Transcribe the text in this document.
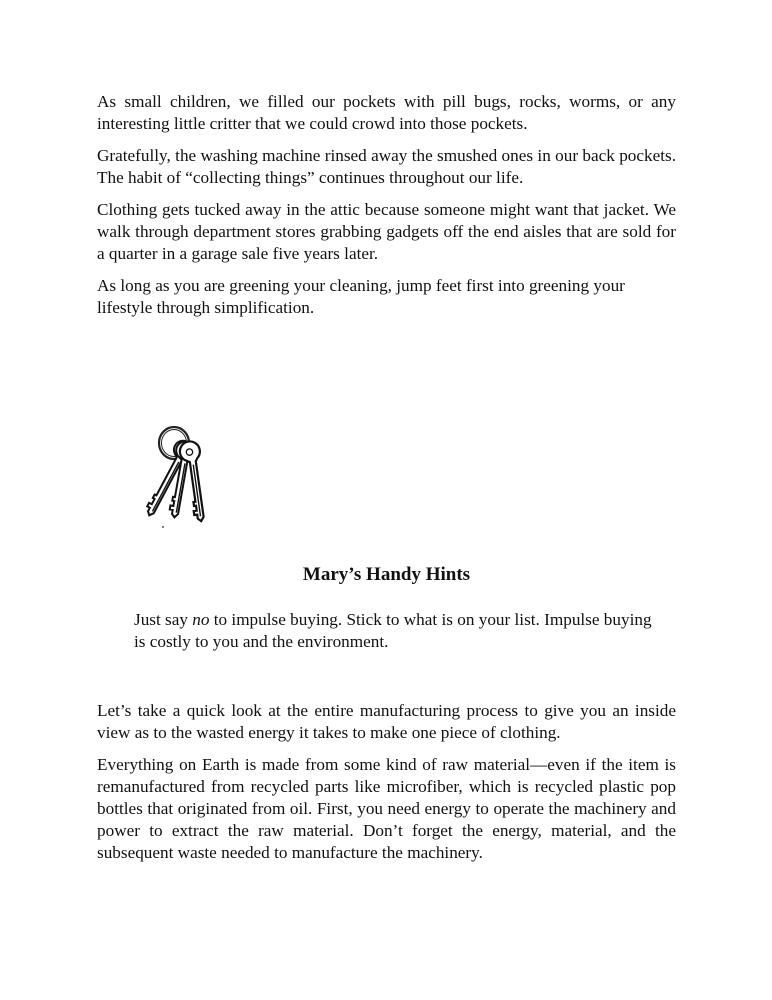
As small children, we filled our pockets with pill bugs, rocks, worms, or any interesting little critter that we could crowd into those pockets.

Gratefully, the washing machine rinsed away the smushed ones in our back pockets. The habit of “collecting things” continues throughout our life.

Clothing gets tucked away in the attic because someone might want that jacket. We walk through department stores grabbing gadgets off the end aisles that are sold for a quarter in a garage sale five years later.

As long as you are greening your cleaning, jump feet first into greening your lifestyle through simplification.

Mary’s Handy Hints

Just say no to impulse buying. Stick to what is on your list. Impulse buying is costly to you and the environment.

Let’s take a quick look at the entire manufacturing process to give you an inside view as to the wasted energy it takes to make one piece of clothing.

Everything on Earth is made from some kind of raw material—even if the item is remanufactured from recycled parts like microfiber, which is recycled plastic pop bottles that originated from oil. First, you need energy to operate the machinery and power to extract the raw material. Don’t forget the energy, material, and the subsequent waste needed to manufacture the machinery.
